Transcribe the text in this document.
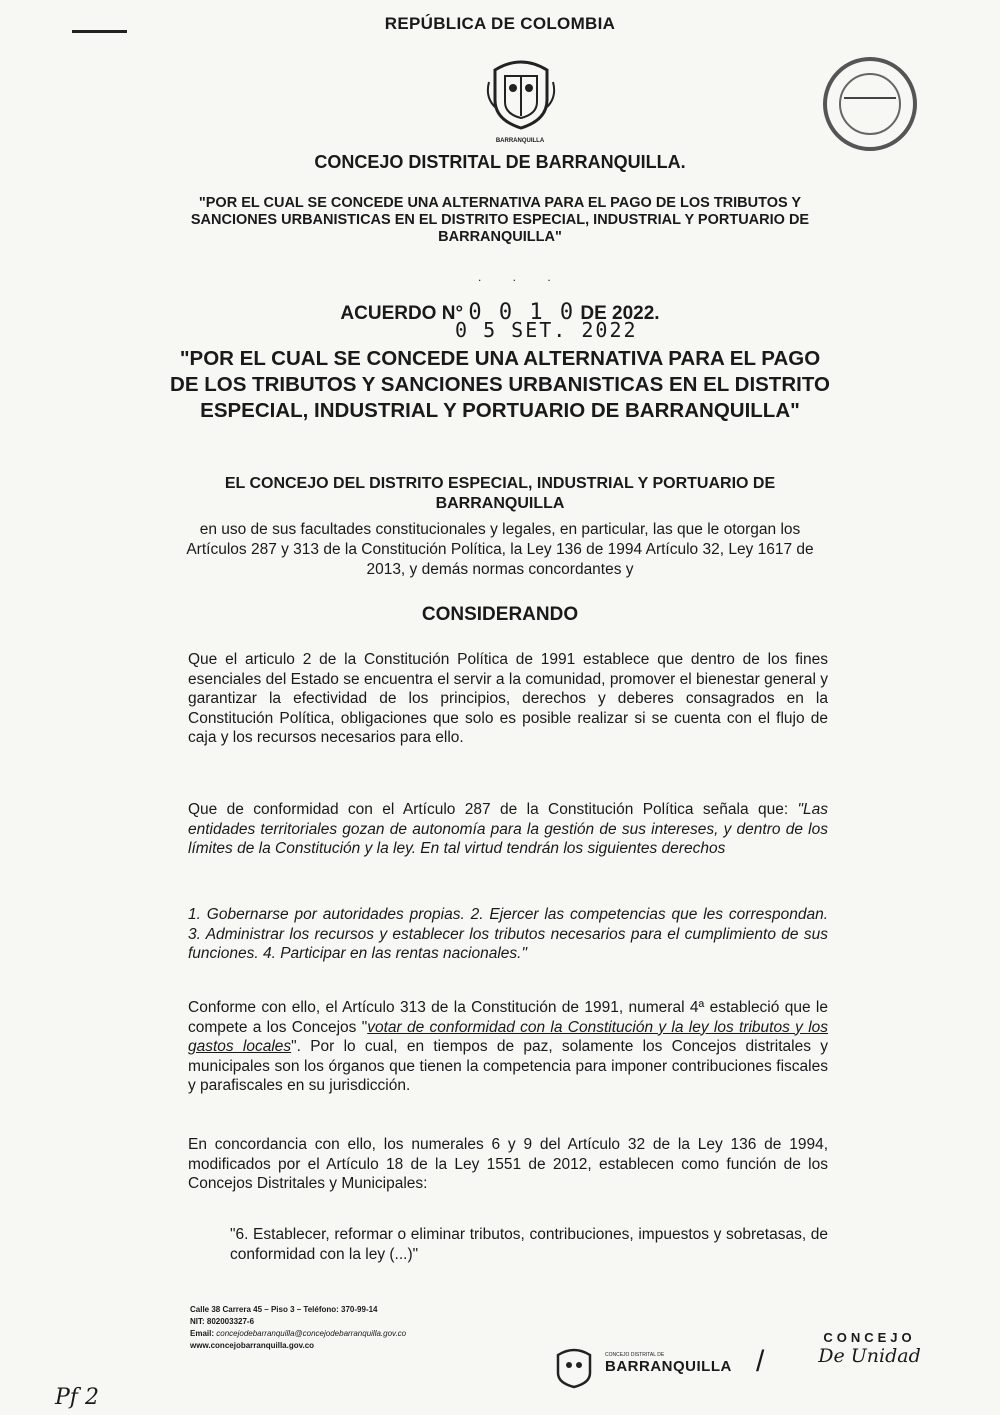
REPÚBLICA DE COLOMBIA
BARRANQUILLA
CONCEJO DISTRITAL DE BARRANQUILLA.
"POR EL CUAL SE CONCEDE UNA ALTERNATIVA PARA EL PAGO DE LOS TRIBUTOS Y SANCIONES URBANISTICAS EN EL DISTRITO ESPECIAL, INDUSTRIAL Y PORTUARIO DE BARRANQUILLA"
. . .
ACUERDO N° 0 0 1 0 DE 2022.
0 5 SET. 2022
"POR EL CUAL SE CONCEDE UNA ALTERNATIVA PARA EL PAGO DE LOS TRIBUTOS Y SANCIONES URBANISTICAS EN EL DISTRITO ESPECIAL, INDUSTRIAL Y PORTUARIO DE BARRANQUILLA"
EL CONCEJO DEL DISTRITO ESPECIAL, INDUSTRIAL Y PORTUARIO DE BARRANQUILLA
en uso de sus facultades constitucionales y legales, en particular, las que le otorgan los Artículos 287 y 313 de la Constitución Política, la Ley 136 de 1994 Artículo 32, Ley 1617 de 2013, y demás normas concordantes y
CONSIDERANDO
Que el articulo 2 de la Constitución Política de 1991 establece que dentro de los fines esenciales del Estado se encuentra el servir a la comunidad, promover el bienestar general y garantizar la efectividad de los principios, derechos y deberes consagrados en la Constitución Política, obligaciones que solo es posible realizar si se cuenta con el flujo de caja y los recursos necesarios para ello.
Que de conformidad con el Artículo 287 de la Constitución Política señala que: "Las entidades territoriales gozan de autonomía para la gestión de sus intereses, y dentro de los límites de la Constitución y la ley. En tal virtud tendrán los siguientes derechos
1. Gobernarse por autoridades propias. 2. Ejercer las competencias que les correspondan. 3. Administrar los recursos y establecer los tributos necesarios para el cumplimiento de sus funciones. 4. Participar en las rentas nacionales."
Conforme con ello, el Artículo 313 de la Constitución de 1991, numeral 4ª estableció que le compete a los Concejos "votar de conformidad con la Constitución y la ley los tributos y los gastos locales". Por lo cual, en tiempos de paz, solamente los Concejos distritales y municipales son los órganos que tienen la competencia para imponer contribuciones fiscales y parafiscales en su jurisdicción.
En concordancia con ello, los numerales 6 y 9 del Artículo 32 de la Ley 136 de 1994, modificados por el Artículo 18 de la Ley 1551 de 2012, establecen como función de los Concejos Distritales y Municipales:
"6. Establecer, reformar o eliminar tributos, contribuciones, impuestos y sobretasas, de conformidad con la ley (...)"
Calle 38 Carrera 45 – Piso 3 – Teléfono: 370-99-14
NIT: 802003327-6
Email: concejodebarranquilla@concejodebarranquilla.gov.co
www.concejobarranquilla.gov.co
CONCEJO DISTRITAL DE
BARRANQUILLA /
CONCEJO
De Unidad
Pf 2
